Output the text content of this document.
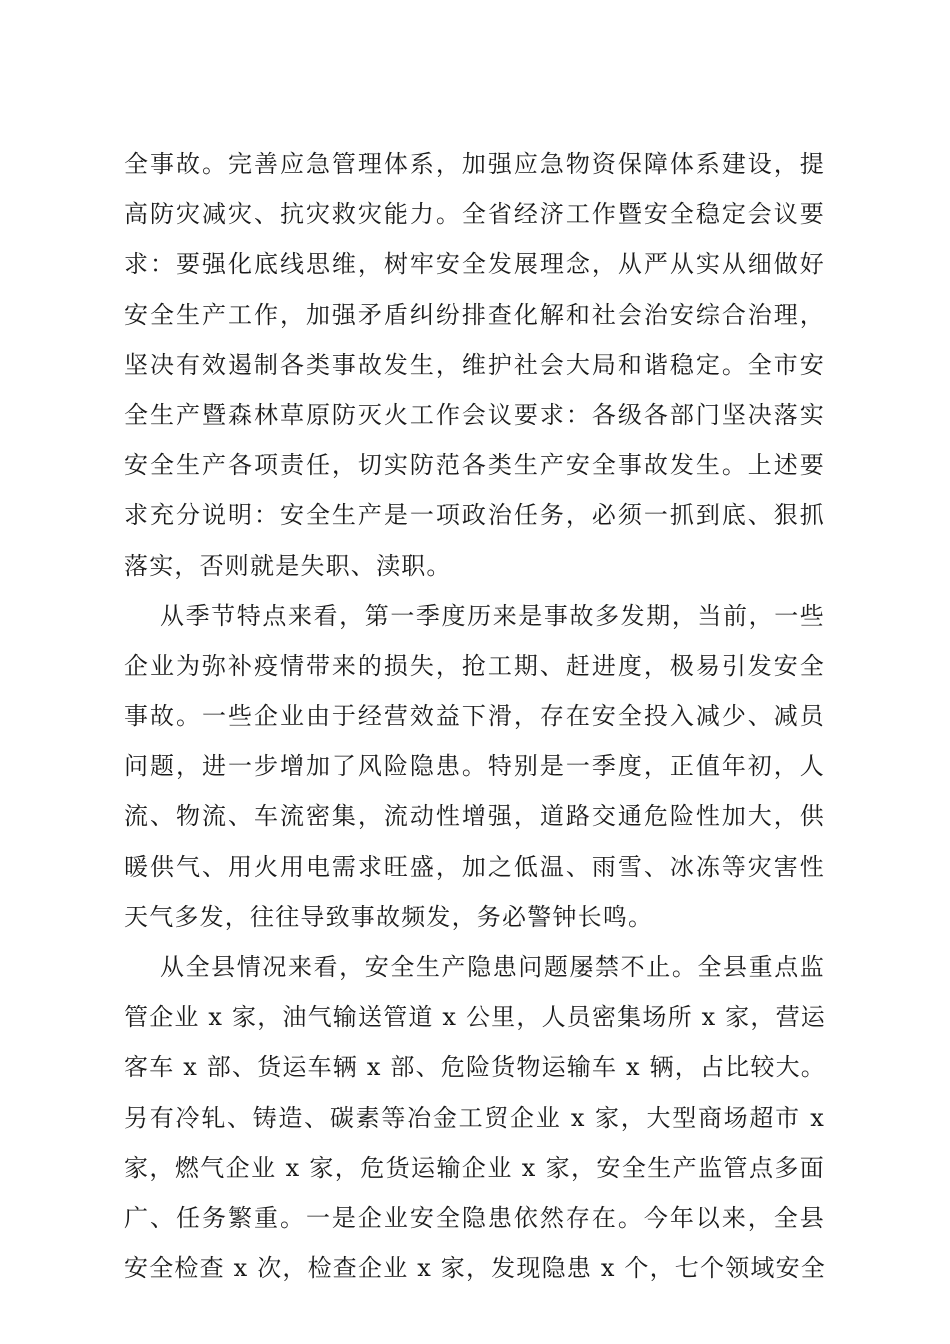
全事故。完善应急管理体系，加强应急物资保障体系建设，提
高防灾减灾、抗灾救灾能力。全省经济工作暨安全稳定会议要
求：要强化底线思维，树牢安全发展理念，从严从实从细做好
安全生产工作，加强矛盾纠纷排查化解和社会治安综合治理，
坚决有效遏制各类事故发生，维护社会大局和谐稳定。全市安
全生产暨森林草原防灭火工作会议要求：各级各部门坚决落实
安全生产各项责任，切实防范各类生产安全事故发生。上述要
求充分说明：安全生产是一项政治任务，必须一抓到底、狠抓
落实，否则就是失职、渎职。
从季节特点来看，第一季度历来是事故多发期，当前，一些
企业为弥补疫情带来的损失，抢工期、赶进度，极易引发安全
事故。一些企业由于经营效益下滑，存在安全投入减少、减员
问题，进一步增加了风险隐患。特别是一季度，正值年初，人
流、物流、车流密集，流动性增强，道路交通危险性加大，供
暖供气、用火用电需求旺盛，加之低温、雨雪、冰冻等灾害性
天气多发，往往导致事故频发，务必警钟长鸣。
从全县情况来看，安全生产隐患问题屡禁不止。全县重点监
管企业 x 家，油气输送管道 x 公里，人员密集场所 x 家，营运
客车 x 部、货运车辆 x 部、危险货物运输车 x 辆，占比较大。
另有冷轧、铸造、碳素等冶金工贸企业 x 家，大型商场超市 x
家，燃气企业 x 家，危货运输企业 x 家，安全生产监管点多面
广、任务繁重。一是企业安全隐患依然存在。今年以来，全县
安全检查 x 次，检查企业 x 家，发现隐患 x 个，七个领域安全
